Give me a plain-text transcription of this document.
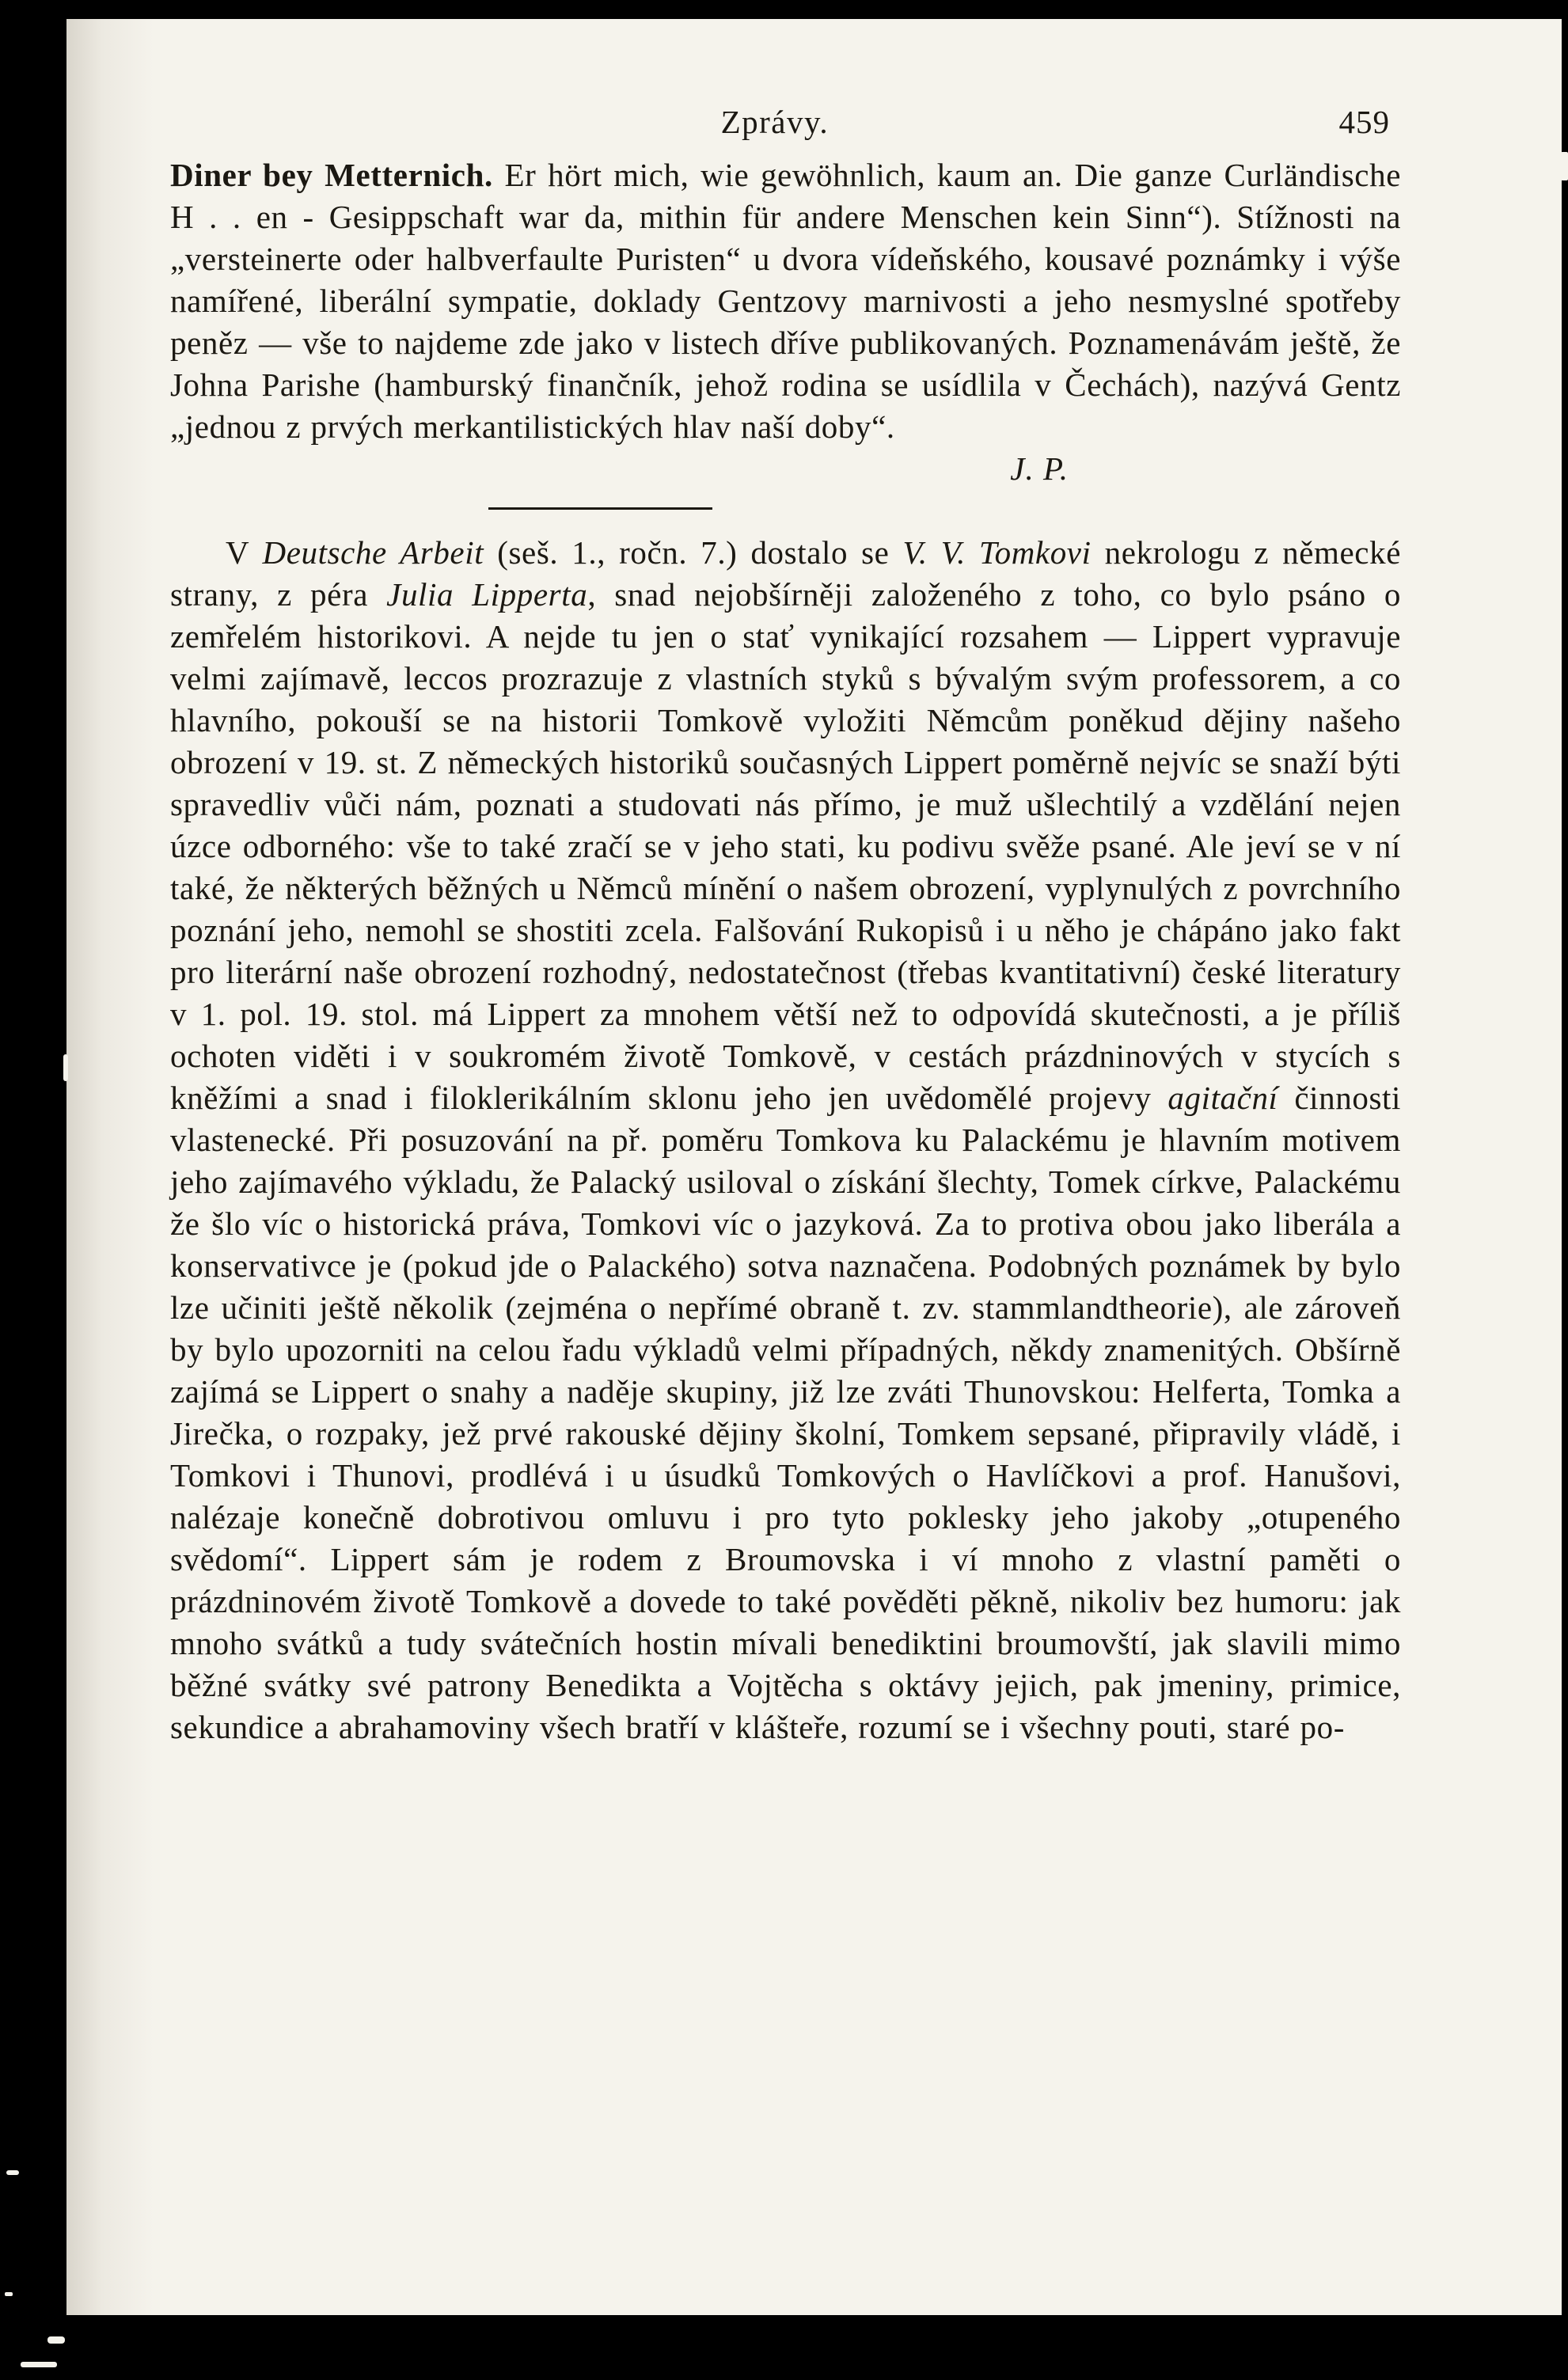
Zprávy.	459

Diner bey Metternich. Er hört mich, wie gewöhnlich, kaum an. Die ganze Curländische H . . en - Gesippschaft war da, mithin für andere Menschen kein Sinn“). Stížnosti na „versteinerte oder halbverfaulte Puristen“ u dvora vídeňského, kousavé poznámky i výše namířené, liberální sympatie, doklady Gentzovy marnivosti a jeho nesmyslné spotřeby peněz — vše to najdeme zde jako v listech dříve publikovaných. Poznamenávám ještě, že Johna Parishe (hamburský finančník, jehož rodina se usídlila v Čechách), nazývá Gentz „jednou z prvých merkantilistických hlav naší doby“.

J. P.

V Deutsche Arbeit (seš. 1., ročn. 7.) dostalo se V. V. Tomkovi nekrologu z německé strany, z péra Julia Lipperta, snad nejobšírněji založeného z toho, co bylo psáno o zemřelém historikovi. A nejde tu jen o stať vynikající rozsahem — Lippert vypravuje velmi zajímavě, leccos prozrazuje z vlastních styků s bývalým svým professorem, a co hlavního, pokouší se na historii Tomkově vyložiti Němcům poněkud dějiny našeho obrození v 19. st. Z německých historiků současných Lippert poměrně nejvíc se snaží býti spravedliv vůči nám, poznati a studovati nás přímo, je muž ušlechtilý a vzdělání nejen úzce odborného: vše to také zračí se v jeho stati, ku podivu svěže psané. Ale jeví se v ní také, že některých běžných u Němců mínění o našem obrození, vyplynulých z povrchního poznání jeho, nemohl se shostiti zcela. Falšování Rukopisů i u něho je chápáno jako fakt pro literární naše obrození rozhodný, nedostatečnost (třebas kvantitativní) české literatury v 1. pol. 19. stol. má Lippert za mnohem větší než to odpovídá skutečnosti, a je příliš ochoten viděti i v soukromém životě Tomkově, v cestách prázdninových v stycích s kněžími a snad i filoklerikálním sklonu jeho jen uvědomělé projevy agitační činnosti vlastenecké. Při posuzování na př. poměru Tomkova ku Palackému je hlavním motivem jeho zajímavého výkladu, že Palacký usiloval o získání šlechty, Tomek církve, Palackému že šlo víc o historická práva, Tomkovi víc o jazyková. Za to protiva obou jako liberála a konservativce je (pokud jde o Palackého) sotva naznačena. Podobných poznámek by bylo lze učiniti ještě několik (zejména o nepřímé obraně t. zv. stammlandtheorie), ale zároveň by bylo upozorniti na celou řadu výkladů velmi případných, někdy znamenitých. Obšírně zajímá se Lippert o snahy a naděje skupiny, již lze zváti Thunovskou: Helferta, Tomka a Jirečka, o rozpaky, jež prvé rakouské dějiny školní, Tomkem sepsané, připravily vládě, i Tomkovi i Thunovi, prodlévá i u úsudků Tomkových o Havlíčkovi a prof. Hanušovi, nalézaje konečně dobrotivou omluvu i pro tyto poklesky jeho jakoby „otupeného svědomí“. Lippert sám je rodem z Broumovska i ví mnoho z vlastní paměti o prázdninovém životě Tomkově a dovede to také pověděti pěkně, nikoliv bez humoru: jak mnoho svátků a tudy svátečních hostin mívali benediktini broumovští, jak slavili mimo běžné svátky své patrony Benedikta a Vojtěcha s oktávy jejich, pak jmeniny, primice, sekundice a abrahamoviny všech bratří v klášteře, rozumí se i všechny pouti, staré po-
